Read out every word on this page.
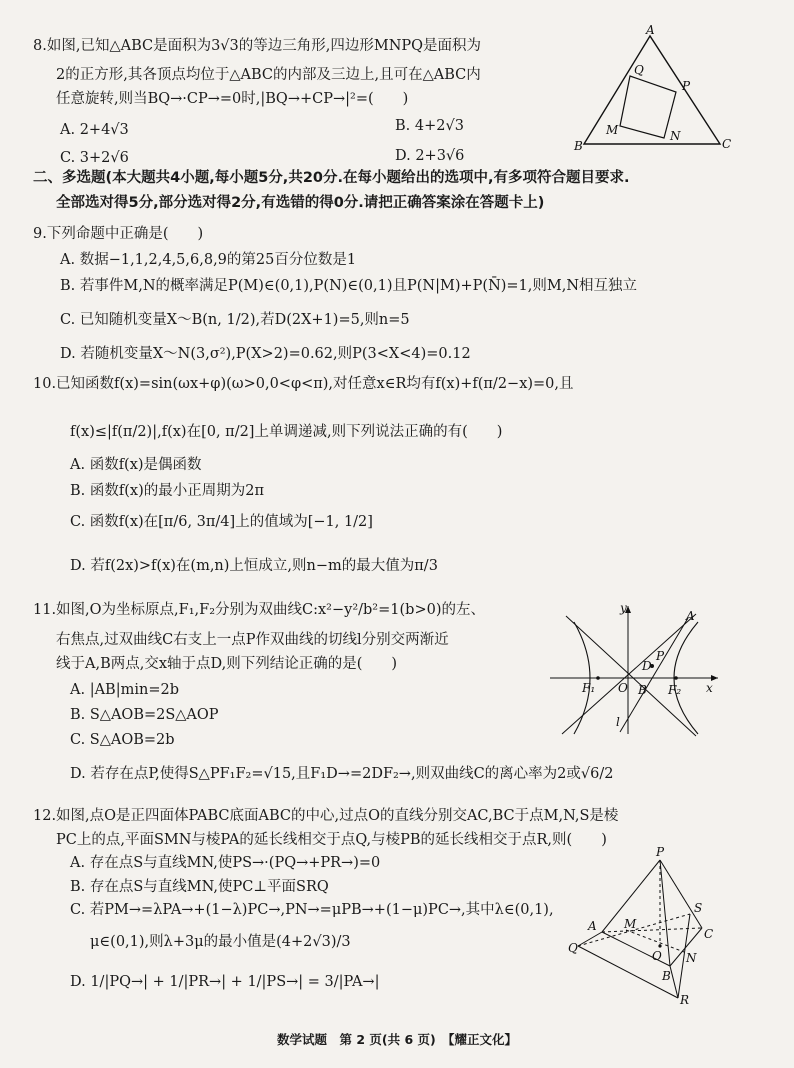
8.如图,已知△ABC是面积为3√3的等边三角形,四边形MNPQ是面积为
2的正方形,其各顶点均位于△ABC的内部及三边上,且可在△ABC内
任意旋转,则当BQ→·CP→=0时,|BQ→+CP→|²=(　　)
A. 2+4√3	B. 4+2√3
C. 3+2√6	D. 2+3√6
A
B	C
M	N
P
Q
二、多选题(本大题共4小题,每小题5分,共20分.在每小题给出的选项中,有多项符合题目要求.
全部选对得5分,部分选对得2分,有选错的得0分.请把正确答案涂在答题卡上)
9.下列命题中正确是(　　)
A. 数据−1,1,2,4,5,6,8,9的第25百分位数是1
B. 若事件M,N的概率满足P(M)∈(0,1),P(N)∈(0,1)且P(N|M)+P(N̄)=1,则M,N相互独立
C. 已知随机变量X～B(n, 1/2),若D(2X+1)=5,则n=5
D. 若随机变量X～N(3,σ²),P(X>2)=0.62,则P(3<X<4)=0.12
10.已知函数f(x)=sin(ωx+φ)(ω>0,0<φ<π),对任意x∈R均有f(x)+f(π/2−x)=0,且
f(x)≤|f(π/2)|,f(x)在[0, π/2]上单调递减,则下列说法正确的有(　　)
A. 函数f(x)是偶函数
B. 函数f(x)的最小正周期为2π
C. 函数f(x)在[π/6, 3π/4]上的值域为[−1, 1/2]
D. 若f(2x)>f(x)在(m,n)上恒成立,则n−m的最大值为π/3
11.如图,O为坐标原点,F₁,F₂分别为双曲线C:x²−y²/b²=1(b>0)的左、
右焦点,过双曲线C右支上一点P作双曲线的切线l分别交两渐近
线于A,B两点,交x轴于点D,则下列结论正确的是(　　)
A. |AB|min=2b
B. S△AOB=2S△AOP
C. S△AOB=2b
D. 若存在点P,使得S△PF₁F₂=√15,且F₁D→=2DF₂→,则双曲线C的离心率为2或√6/2
y
x
O
A
B
D
P
F₁	F₂
l
12.如图,点O是正四面体PABC底面ABC的中心,过点O的直线分别交AC,BC于点M,N,S是棱
PC上的点,平面SMN与棱PA的延长线相交于点Q,与棱PB的延长线相交于点R,则(　　)
A. 存在点S与直线MN,使PS→·(PQ→+PR→)=0
B. 存在点S与直线MN,使PC⊥平面SRQ
C. 若PM→=λPA→+(1−λ)PC→,PN→=μPB→+(1−μ)PC→,其中λ∈(0,1),
μ∈(0,1),则λ+3μ的最小值是(4+2√3)/3
D. 1/|PQ→| + 1/|PR→| + 1/|PS→| = 3/|PA→|
P
A
B
C
M
N
O
Q
R
S
数学试题　第 2 页(共 6 页)　【耀正文化】
